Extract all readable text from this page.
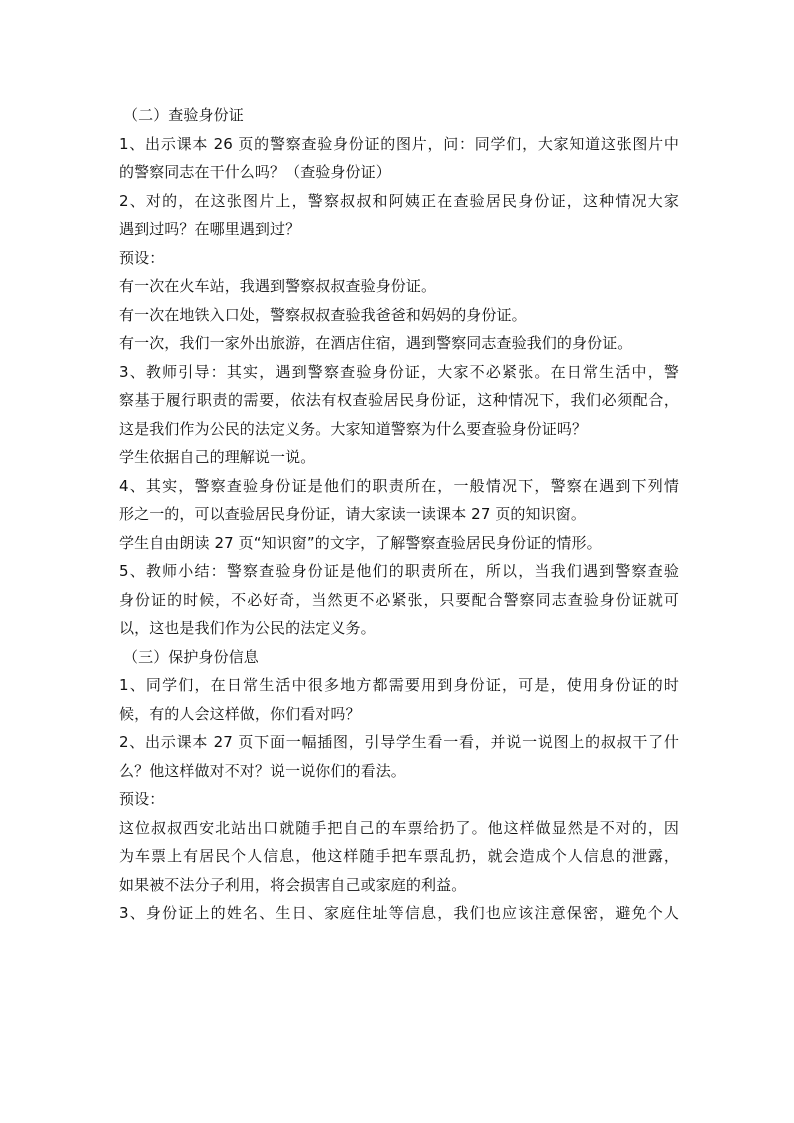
（二）查验身份证
1、出示课本 26 页的警察查验身份证的图片，问：同学们，大家知道这张图片中
的警察同志在干什么吗？（查验身份证）
2、对的，在这张图片上，警察叔叔和阿姨正在查验居民身份证，这种情况大家
遇到过吗？在哪里遇到过？
预设：
有一次在火车站，我遇到警察叔叔查验身份证。
有一次在地铁入口处，警察叔叔查验我爸爸和妈妈的身份证。
有一次，我们一家外出旅游，在酒店住宿，遇到警察同志查验我们的身份证。
3、教师引导：其实，遇到警察查验身份证，大家不必紧张。在日常生活中，警
察基于履行职责的需要，依法有权查验居民身份证，这种情况下，我们必须配合，
这是我们作为公民的法定义务。大家知道警察为什么要查验身份证吗？
学生依据自己的理解说一说。
4、其实，警察查验身份证是他们的职责所在，一般情况下，警察在遇到下列情
形之一的，可以查验居民身份证，请大家读一读课本 27 页的知识窗。
学生自由朗读 27 页“知识窗”的文字，了解警察查验居民身份证的情形。
5、教师小结：警察查验身份证是他们的职责所在，所以，当我们遇到警察查验
身份证的时候，不必好奇，当然更不必紧张，只要配合警察同志查验身份证就可
以，这也是我们作为公民的法定义务。
（三）保护身份信息
1、同学们，在日常生活中很多地方都需要用到身份证，可是，使用身份证的时
候，有的人会这样做，你们看对吗？
2、出示课本 27 页下面一幅插图，引导学生看一看，并说一说图上的叔叔干了什
么？他这样做对不对？说一说你们的看法。
预设：
这位叔叔西安北站出口就随手把自己的车票给扔了。他这样做显然是不对的，因
为车票上有居民个人信息，他这样随手把车票乱扔，就会造成个人信息的泄露，
如果被不法分子利用，将会损害自己或家庭的利益。
3、身份证上的姓名、生日、家庭住址等信息，我们也应该注意保密，避免个人
